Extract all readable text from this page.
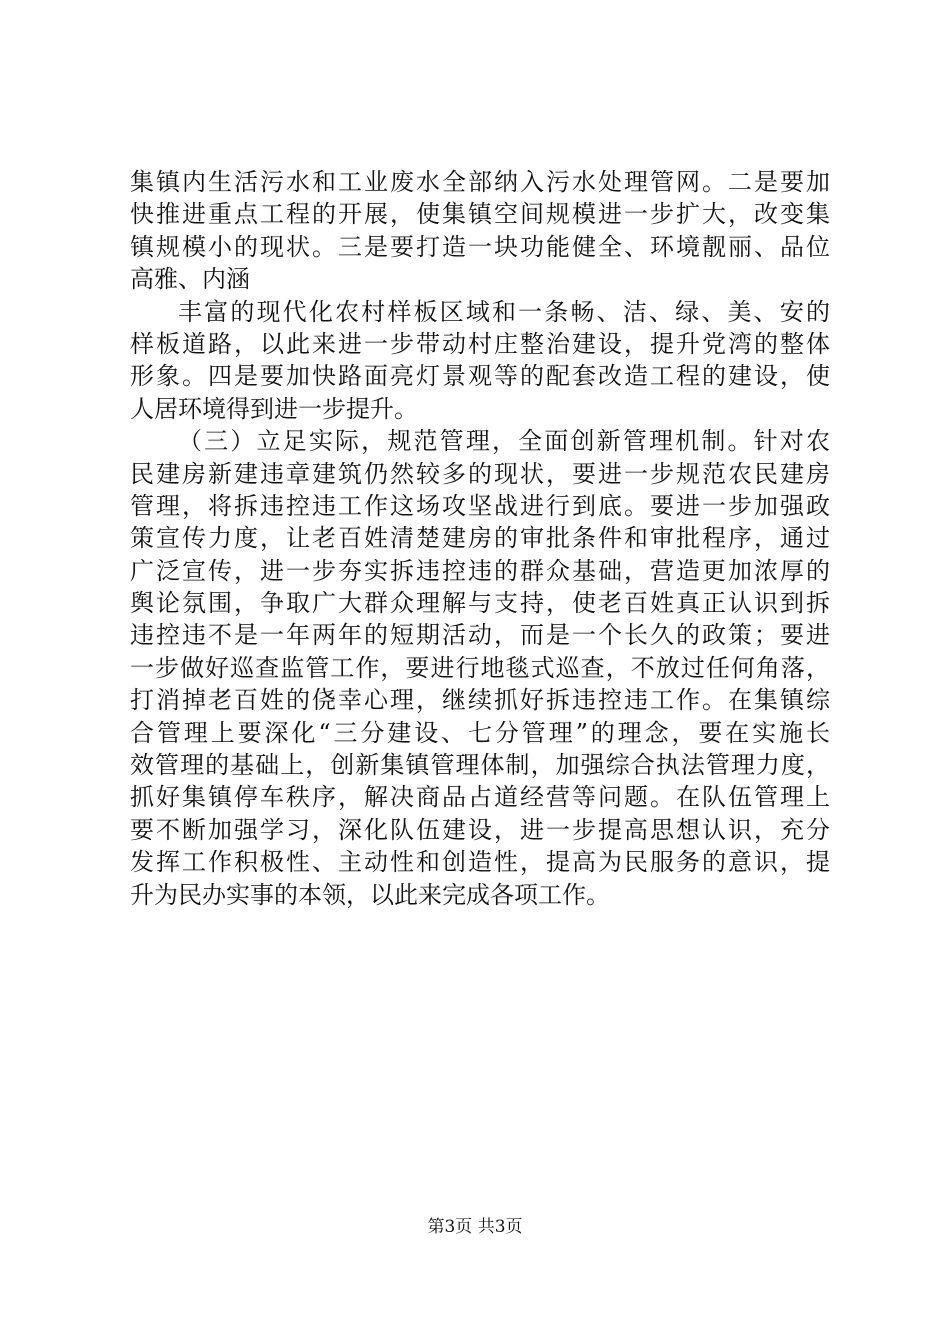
集镇内生活污水和工业废水全部纳入污水处理管网。二是要加
快推进重点工程的开展，使集镇空间规模进一步扩大，改变集
镇规模小的现状。三是要打造一块功能健全、环境靓丽、品位
高雅、内涵
丰富的现代化农村样板区域和一条畅、洁、绿、美、安的
样板道路，以此来进一步带动村庄整治建设，提升党湾的整体
形象。四是要加快路面亮灯景观等的配套改造工程的建设，使
人居环境得到进一步提升。
（三）立足实际，规范管理，全面创新管理机制。针对农
民建房新建违章建筑仍然较多的现状，要进一步规范农民建房
管理，将拆违控违工作这场攻坚战进行到底。要进一步加强政
策宣传力度，让老百姓清楚建房的审批条件和审批程序，通过
广泛宣传，进一步夯实拆违控违的群众基础，营造更加浓厚的
舆论氛围，争取广大群众理解与支持，使老百姓真正认识到拆
违控违不是一年两年的短期活动，而是一个长久的政策；要进
一步做好巡查监管工作，要进行地毯式巡查，不放过任何角落，
打消掉老百姓的侥幸心理，继续抓好拆违控违工作。在集镇综
合管理上要深化“三分建设、七分管理”的理念，要在实施长
效管理的基础上，创新集镇管理体制，加强综合执法管理力度，
抓好集镇停车秩序，解决商品占道经营等问题。在队伍管理上
要不断加强学习，深化队伍建设，进一步提高思想认识，充分
发挥工作积极性、主动性和创造性，提高为民服务的意识，提
升为民办实事的本领，以此来完成各项工作。
第3页 共3页
